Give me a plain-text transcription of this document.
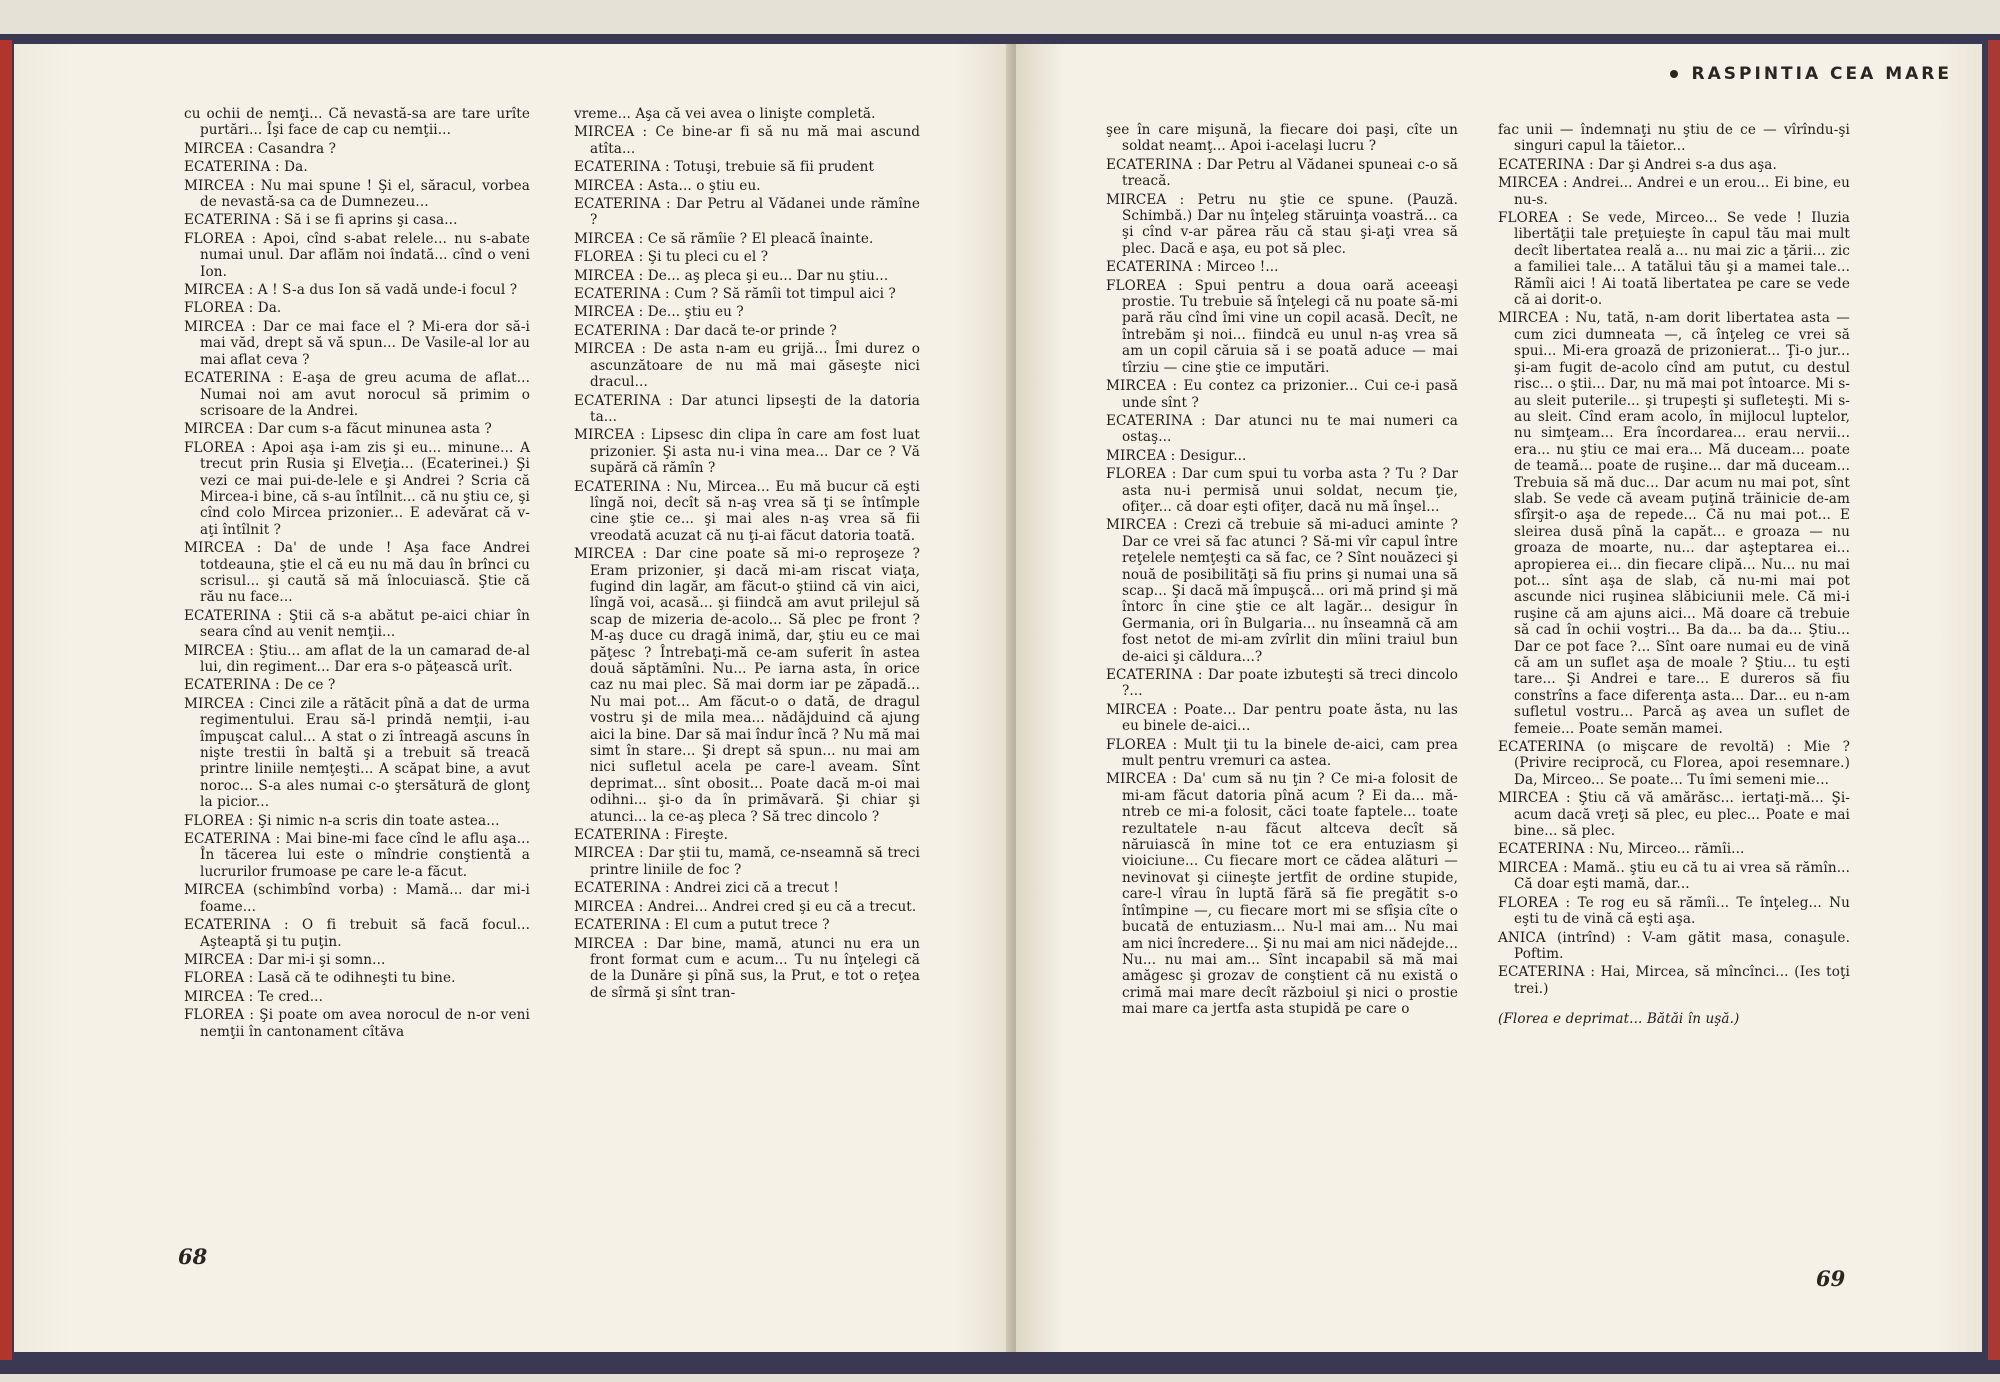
cu ochii de nemţi... Că nevastă-sa are tare urîte purtări... Îşi face de cap cu nemţii...

MIRCEA : Casandra ?

ECATERINA : Da.

MIRCEA : Nu mai spune ! Şi el, săracul, vorbea de nevastă-sa ca de Dumnezeu...

ECATERINA : Să i se fi aprins şi casa...

FLOREA : Apoi, cînd s-abat relele... nu s-abate numai unul. Dar aflăm noi îndată... cînd o veni Ion.

MIRCEA : A ! S-a dus Ion să vadă unde-i focul ?

FLOREA : Da.

MIRCEA : Dar ce mai face el ? Mi-era dor să-i mai văd, drept să vă spun... De Vasile-al lor au mai aflat ceva ?

ECATERINA : E-aşa de greu acuma de aflat... Numai noi am avut norocul să primim o scrisoare de la Andrei.

MIRCEA : Dar cum s-a făcut minunea asta ?

FLOREA : Apoi aşa i-am zis şi eu... minune... A trecut prin Rusia şi Elveţia... (Ecaterinei.) Şi vezi ce mai pui-de-lele e şi Andrei ? Scria că Mircea-i bine, că s-au întîlnit... că nu ştiu ce, şi cînd colo Mircea prizonier... E adevărat că v-aţi întîlnit ?

MIRCEA : Da' de unde ! Aşa face Andrei totdeauna, ştie el că eu nu mă dau în brînci cu scrisul... şi caută să mă înlocuiască. Ştie că rău nu face...

ECATERINA : Ştii că s-a abătut pe-aici chiar în seara cînd au venit nemţii...

MIRCEA : Ştiu... am aflat de la un camarad de-al lui, din regiment... Dar era s-o păţească urît.

ECATERINA : De ce ?

MIRCEA : Cinci zile a rătăcit pînă a dat de urma regimentului. Erau să-l prindă nemţii, i-au împuşcat calul... A stat o zi întreagă ascuns în nişte trestii în baltă şi a trebuit să treacă printre liniile nemţeşti... A scăpat bine, a avut noroc... S-a ales numai c-o ştersătură de glonţ la picior...

FLOREA : Şi nimic n-a scris din toate astea...

ECATERINA : Mai bine-mi face cînd le aflu aşa... În tăcerea lui este o mîndrie conştientă a lucrurilor frumoase pe care le-a făcut.

MIRCEA (schimbînd vorba) : Mamă... dar mi-i foame...

ECATERINA : O fi trebuit să facă focul... Aşteaptă şi tu puţin.

MIRCEA : Dar mi-i şi somn...

FLOREA : Lasă că te odihneşti tu bine.

MIRCEA : Te cred...

FLOREA : Şi poate om avea norocul de n-or veni nemţii în cantonament cîtăva

vreme... Aşa că vei avea o linişte completă.

MIRCEA : Ce bine-ar fi să nu mă mai ascund atîta...

ECATERINA : Totuşi, trebuie să fii prudent

MIRCEA : Asta... o ştiu eu.

ECATERINA : Dar Petru al Vădanei unde rămîne ?

MIRCEA : Ce să rămîie ? El pleacă înainte.

FLOREA : Şi tu pleci cu el ?

MIRCEA : De... aş pleca şi eu... Dar nu ştiu...

ECATERINA : Cum ? Să rămîi tot timpul aici ?

MIRCEA : De... ştiu eu ?

ECATERINA : Dar dacă te-or prinde ?

MIRCEA : De asta n-am eu grijă... Îmi durez o ascunzătoare de nu mă mai găseşte nici dracul...

ECATERINA : Dar atunci lipseşti de la datoria ta...

MIRCEA : Lipsesc din clipa în care am fost luat prizonier. Şi asta nu-i vina mea... Dar ce ? Vă supără că rămîn ?

ECATERINA : Nu, Mircea... Eu mă bucur că eşti lîngă noi, decît să n-aş vrea să ţi se întîmple cine ştie ce... şi mai ales n-aş vrea să fii vreodată acuzat că nu ţi-ai făcut datoria toată.

MIRCEA : Dar cine poate să mi-o reproşeze ? Eram prizonier, şi dacă mi-am riscat viaţa, fugind din lagăr, am făcut-o ştiind că vin aici, lîngă voi, acasă... şi fiindcă am avut prilejul să scap de mizeria de-acolo... Să plec pe front ? M-aş duce cu dragă inimă, dar, ştiu eu ce mai păţesc ? Întrebaţi-mă ce-am suferit în astea două săptămîni. Nu... Pe iarna asta, în orice caz nu mai plec. Să mai dorm iar pe zăpadă... Nu mai pot... Am făcut-o o dată, de dragul vostru şi de mila mea... nădăjduind că ajung aici la bine. Dar să mai îndur încă ? Nu mă mai simt în stare... Şi drept să spun... nu mai am nici sufletul acela pe care-l aveam. Sînt deprimat... sînt obosit... Poate dacă m-oi mai odihni... şi-o da în primăvară. Şi chiar şi atunci... la ce-aş pleca ? Să trec dincolo ?

ECATERINA : Fireşte.

MIRCEA : Dar ştii tu, mamă, ce-nseamnă să treci printre liniile de foc ?

ECATERINA : Andrei zici că a trecut !

MIRCEA : Andrei... Andrei cred şi eu că a trecut.

ECATERINA : El cum a putut trece ?

MIRCEA : Dar bine, mamă, atunci nu era un front format cum e acum... Tu nu înţelegi că de la Dunăre şi pînă sus, la Prut, e tot o reţea de sîrmă şi sînt tran-

68
RASPINTIA CEA MARE

şee în care mişună, la fiecare doi paşi, cîte un soldat neamţ... Apoi i-acelaşi lucru ?

ECATERINA : Dar Petru al Vădanei spuneai c-o să treacă.

MIRCEA : Petru nu ştie ce spune. (Pauză. Schimbă.) Dar nu înţeleg stăruinţa voastră... ca şi cînd v-ar părea rău că stau şi-aţi vrea să plec. Dacă e aşa, eu pot să plec.

ECATERINA : Mirceo !...

FLOREA : Spui pentru a doua oară aceeaşi prostie. Tu trebuie să înţelegi că nu poate să-mi pară rău cînd îmi vine un copil acasă. Decît, ne întrebăm şi noi... fiindcă eu unul n-aş vrea să am un copil căruia să i se poată aduce — mai tîrziu — cine ştie ce imputări.

MIRCEA : Eu contez ca prizonier... Cui ce-i pasă unde sînt ?

ECATERINA : Dar atunci nu te mai numeri ca ostaş...

MIRCEA : Desigur...

FLOREA : Dar cum spui tu vorba asta ? Tu ? Dar asta nu-i permisă unui soldat, necum ţie, ofiţer... că doar eşti ofiţer, dacă nu mă înşel...

MIRCEA : Crezi că trebuie să mi-aduci aminte ? Dar ce vrei să fac atunci ? Să-mi vîr capul între reţelele nemţeşti ca să fac, ce ? Sînt nouăzeci şi nouă de posibilităţi să fiu prins şi numai una să scap... Şi dacă mă împuşcă... ori mă prind şi mă întorc în cine ştie ce alt lagăr... desigur în Germania, ori în Bulgaria... nu înseamnă că am fost netot de mi-am zvîrlit din mîini traiul bun de-aici şi căldura...?

ECATERINA : Dar poate izbuteşti să treci dincolo ?...

MIRCEA : Poate... Dar pentru poate ăsta, nu las eu binele de-aici...

FLOREA : Mult ţii tu la binele de-aici, cam prea mult pentru vremuri ca astea.

MIRCEA : Da' cum să nu ţin ? Ce mi-a folosit de mi-am făcut datoria pînă acum ? Ei da... mă-ntreb ce mi-a folosit, căci toate faptele... toate rezultatele n-au făcut altceva decît să năruiască în mine tot ce era entuziasm şi vioiciune... Cu fiecare mort ce cădea alături — nevinovat şi ciineşte jertfit de ordine stupide, care-l vîrau în luptă fără să fie pregătit s-o întîmpine —, cu fiecare mort mi se sfîşia cîte o bucată de entuziasm... Nu-l mai am... Nu mai am nici încredere... Şi nu mai am nici nădejde... Nu... nu mai am... Sînt incapabil să mă mai amăgesc şi grozav de conştient că nu există o crimă mai mare decît războiul şi nici o prostie mai mare ca jertfa asta stupidă pe care o

fac unii — îndemnaţi nu ştiu de ce — vîrîndu-şi singuri capul la tăietor...

ECATERINA : Dar şi Andrei s-a dus aşa.

MIRCEA : Andrei... Andrei e un erou... Ei bine, eu nu-s.

FLOREA : Se vede, Mirceo... Se vede ! Iluzia libertăţii tale preţuieşte în capul tău mai mult decît libertatea reală a... nu mai zic a ţării... zic a familiei tale... A tatălui tău şi a mamei tale... Rămîi aici ! Ai toată libertatea pe care se vede că ai dorit-o.

MIRCEA : Nu, tată, n-am dorit libertatea asta — cum zici dumneata —, că înţeleg ce vrei să spui... Mi-era groază de prizonierat... Ţi-o jur... şi-am fugit de-acolo cînd am putut, cu destul risc... o ştii... Dar, nu mă mai pot întoarce. Mi s-au sleit puterile... şi trupeşti şi sufleteşti. Mi s-au sleit. Cînd eram acolo, în mijlocul luptelor, nu simţeam... Era încordarea... erau nervii... era... nu ştiu ce mai era... Mă duceam... poate de teamă... poate de ruşine... dar mă duceam... Trebuia să mă duc... Dar acum nu mai pot, sînt slab. Se vede că aveam puţină trăinicie de-am sfîrşit-o aşa de repede... Că nu mai pot... E sleirea dusă pînă la capăt... e groaza — nu groaza de moarte, nu... dar aşteptarea ei... apropierea ei... din fiecare clipă... Nu... nu mai pot... sînt aşa de slab, că nu-mi mai pot ascunde nici ruşinea slăbiciunii mele. Că mi-i ruşine că am ajuns aici... Mă doare că trebuie să cad în ochii voştri... Ba da... ba da... Ştiu... Dar ce pot face ?... Sînt oare numai eu de vină că am un suflet aşa de moale ? Ştiu... tu eşti tare... Şi Andrei e tare... E dureros să fiu constrîns a face diferenţa asta... Dar... eu n-am sufletul vostru... Parcă aş avea un suflet de femeie... Poate semăn mamei.

ECATERINA (o mişcare de revoltă) : Mie ? (Privire reciprocă, cu Florea, apoi resemnare.) Da, Mirceo... Se poate... Tu îmi semeni mie...

MIRCEA : Ştiu că vă amărăsc... iertaţi-mă... Şi-acum dacă vreţi să plec, eu plec... Poate e mai bine... să plec.

ECATERINA : Nu, Mirceo... rămîi...

MIRCEA : Mamă.. ştiu eu că tu ai vrea să rămîn... Că doar eşti mamă, dar...

FLOREA : Te rog eu să rămîi... Te înţeleg... Nu eşti tu de vină că eşti aşa.

ANICA (intrînd) : V-am gătit masa, conaşule. Poftim.

ECATERINA : Hai, Mircea, să mîncînci... (Ies toţi trei.)

(Florea e deprimat... Bătăi în uşă.)

69
